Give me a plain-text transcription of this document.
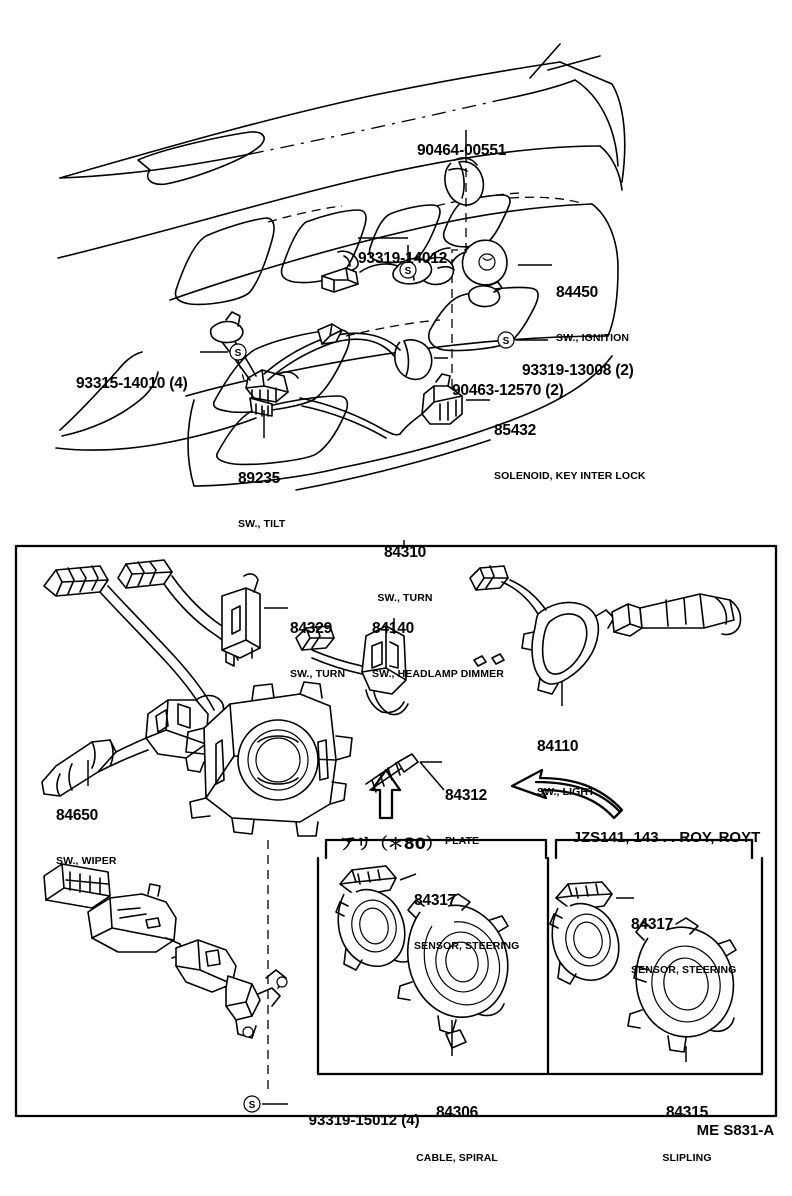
S
S
S
S

90464-00551

93319-14012

84450

SW., IGNITION

93319-13008 (2)

90463-12570 (2)

85432

SOLENOID, KEY INTER LOCK

93315-14010 (4)

89235

SW., TILT

84310

SW., TURN

84329

SW., TURN

84140

SW., HEADLAMP DIMMER

84110

SW., LIGHT

84650

SW., WIPER

84312

PLATE

84317

SENSOR, STEERING

84317

SENSOR, STEERING

84306

CABLE, SPIRAL

84315

SLIPLING

93319-15012 (4)

アリ（＊80）
	JZS141, 143 . . ROY, ROYT

ME S831-A
